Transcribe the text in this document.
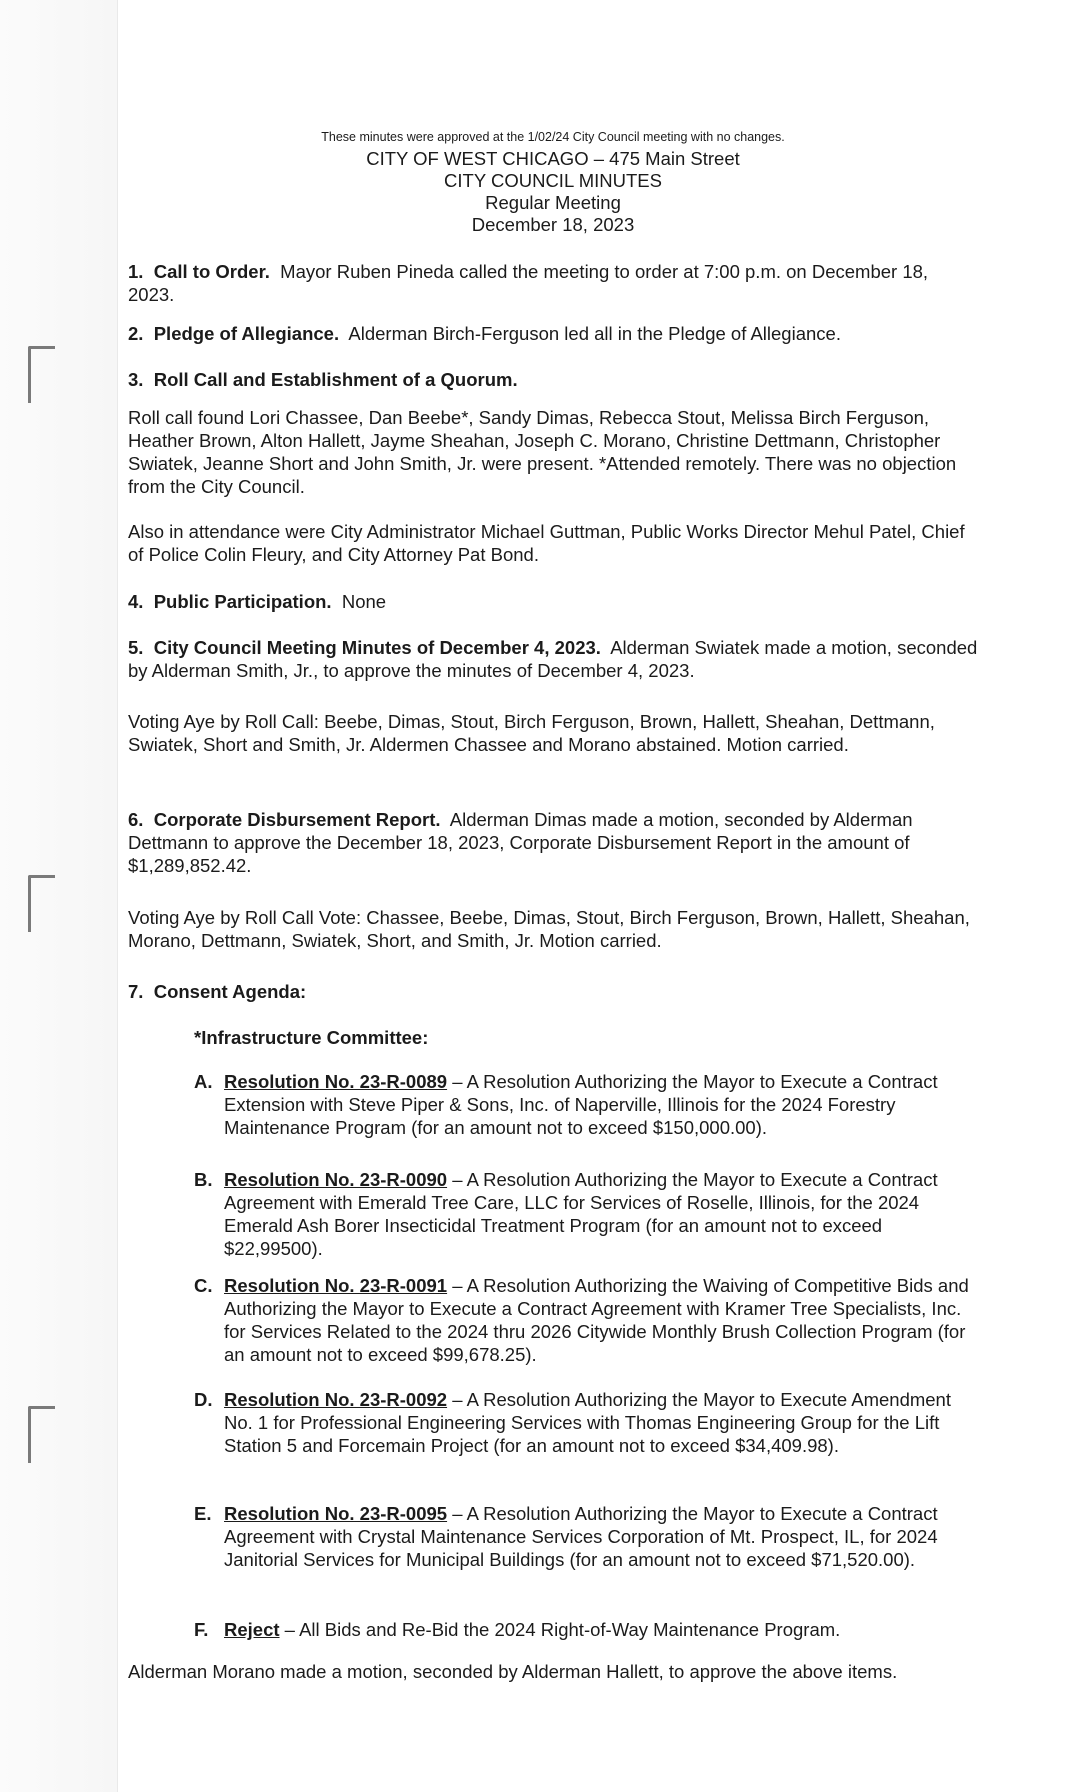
These minutes were approved at the 1/02/24 City Council meeting with no changes.
CITY OF WEST CHICAGO – 475 Main Street
CITY COUNCIL MINUTES
Regular Meeting
December 18, 2023

1. Call to Order. Mayor Ruben Pineda called the meeting to order at 7:00 p.m. on December 18, 2023.

2. Pledge of Allegiance. Alderman Birch-Ferguson led all in the Pledge of Allegiance.

3. Roll Call and Establishment of a Quorum.

Roll call found Lori Chassee, Dan Beebe*, Sandy Dimas, Rebecca Stout, Melissa Birch Ferguson, Heather Brown, Alton Hallett, Jayme Sheahan, Joseph C. Morano, Christine Dettmann, Christopher Swiatek, Jeanne Short and John Smith, Jr. were present. *Attended remotely. There was no objection from the City Council.

Also in attendance were City Administrator Michael Guttman, Public Works Director Mehul Patel, Chief of Police Colin Fleury, and City Attorney Pat Bond.

4. Public Participation. None

5. City Council Meeting Minutes of December 4, 2023. Alderman Swiatek made a motion, seconded by Alderman Smith, Jr., to approve the minutes of December 4, 2023.

Voting Aye by Roll Call: Beebe, Dimas, Stout, Birch Ferguson, Brown, Hallett, Sheahan, Dettmann, Swiatek, Short and Smith, Jr. Aldermen Chassee and Morano abstained. Motion carried.

6. Corporate Disbursement Report. Alderman Dimas made a motion, seconded by Alderman Dettmann to approve the December 18, 2023, Corporate Disbursement Report in the amount of $1,289,852.42.

Voting Aye by Roll Call Vote: Chassee, Beebe, Dimas, Stout, Birch Ferguson, Brown, Hallett, Sheahan, Morano, Dettmann, Swiatek, Short, and Smith, Jr. Motion carried.

7. Consent Agenda:

*Infrastructure Committee:

A. Resolution No. 23-R-0089 – A Resolution Authorizing the Mayor to Execute a Contract Extension with Steve Piper & Sons, Inc. of Naperville, Illinois for the 2024 Forestry Maintenance Program (for an amount not to exceed $150,000.00).

B. Resolution No. 23-R-0090 – A Resolution Authorizing the Mayor to Execute a Contract Agreement with Emerald Tree Care, LLC for Services of Roselle, Illinois, for the 2024 Emerald Ash Borer Insecticidal Treatment Program (for an amount not to exceed $22,99500).

C. Resolution No. 23-R-0091 – A Resolution Authorizing the Waiving of Competitive Bids and Authorizing the Mayor to Execute a Contract Agreement with Kramer Tree Specialists, Inc. for Services Related to the 2024 thru 2026 Citywide Monthly Brush Collection Program (for an amount not to exceed $99,678.25).

D. Resolution No. 23-R-0092 – A Resolution Authorizing the Mayor to Execute Amendment No. 1 for Professional Engineering Services with Thomas Engineering Group for the Lift Station 5 and Forcemain Project (for an amount not to exceed $34,409.98).

E. Resolution No. 23-R-0095 – A Resolution Authorizing the Mayor to Execute a Contract Agreement with Crystal Maintenance Services Corporation of Mt. Prospect, IL, for 2024 Janitorial Services for Municipal Buildings (for an amount not to exceed $71,520.00).

F. Reject – All Bids and Re-Bid the 2024 Right-of-Way Maintenance Program.

Alderman Morano made a motion, seconded by Alderman Hallett, to approve the above items.
